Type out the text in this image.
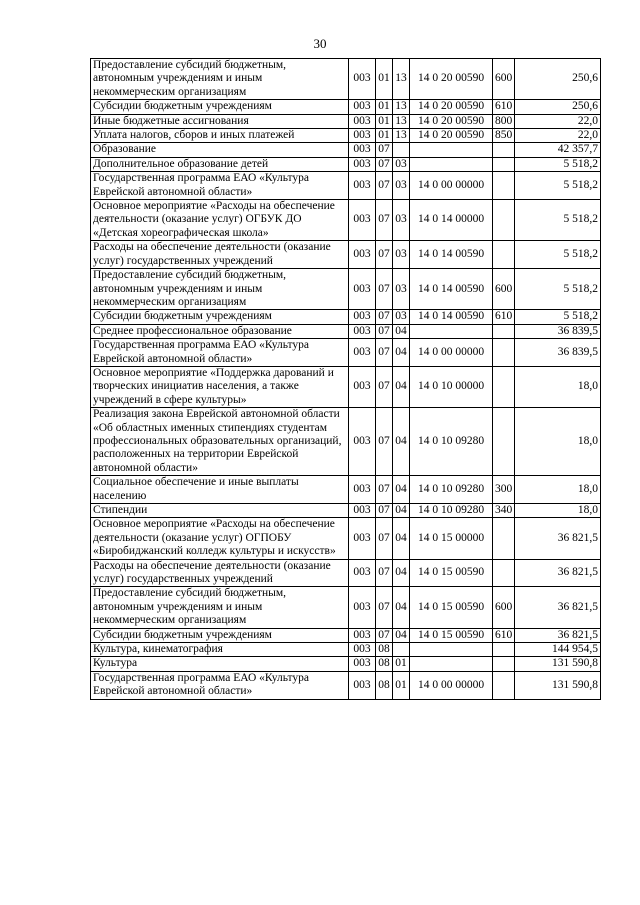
30
Предоставление субсидий бюджетным, автономным учреждениям и иным некоммерческим организациям	003	01	13	14 0 20 00590	600	250,6
Субсидии бюджетным учреждениям	003	01	13	14 0 20 00590	610	250,6
Иные бюджетные ассигнования	003	01	13	14 0 20 00590	800	22,0
Уплата налогов, сборов и иных платежей	003	01	13	14 0 20 00590	850	22,0
Образование	003	07				42 357,7
Дополнительное образование детей	003	07	03			5 518,2
Государственная программа ЕАО «Культура Еврейской автономной области»	003	07	03	14 0 00 00000		5 518,2
Основное мероприятие «Расходы на обеспечение деятельности (оказание услуг) ОГБУК ДО «Детская хореографическая школа»	003	07	03	14 0 14 00000		5 518,2
Расходы на обеспечение деятельности (оказание услуг) государственных учреждений	003	07	03	14 0 14 00590		5 518,2
Предоставление субсидий бюджетным, автономным учреждениям и иным некоммерческим организациям	003	07	03	14 0 14 00590	600	5 518,2
Субсидии бюджетным учреждениям	003	07	03	14 0 14 00590	610	5 518,2
Среднее профессиональное образование	003	07	04			36 839,5
Государственная программа ЕАО «Культура Еврейской автономной области»	003	07	04	14 0 00 00000		36 839,5
Основное мероприятие «Поддержка дарований и творческих инициатив населения, а также учреждений в сфере культуры»	003	07	04	14 0 10 00000		18,0
Реализация закона Еврейской автономной области «Об областных именных стипендиях студентам профессиональных образовательных организаций, расположенных на территории Еврейской автономной области»	003	07	04	14 0 10 09280		18,0
Социальное обеспечение и иные выплаты населению	003	07	04	14 0 10 09280	300	18,0
Стипендии	003	07	04	14 0 10 09280	340	18,0
Основное мероприятие «Расходы на обеспечение деятельности (оказание услуг) ОГПОБУ «Биробиджанский колледж культуры и искусств»	003	07	04	14 0 15 00000		36 821,5
Расходы на обеспечение деятельности (оказание услуг) государственных учреждений	003	07	04	14 0 15 00590		36 821,5
Предоставление субсидий бюджетным, автономным учреждениям и иным некоммерческим организациям	003	07	04	14 0 15 00590	600	36 821,5
Субсидии бюджетным учреждениям	003	07	04	14 0 15 00590	610	36 821,5
Культура, кинематография	003	08				144 954,5
Культура	003	08	01			131 590,8
Государственная программа ЕАО «Культура Еврейской автономной области»	003	08	01	14 0 00 00000		131 590,8
